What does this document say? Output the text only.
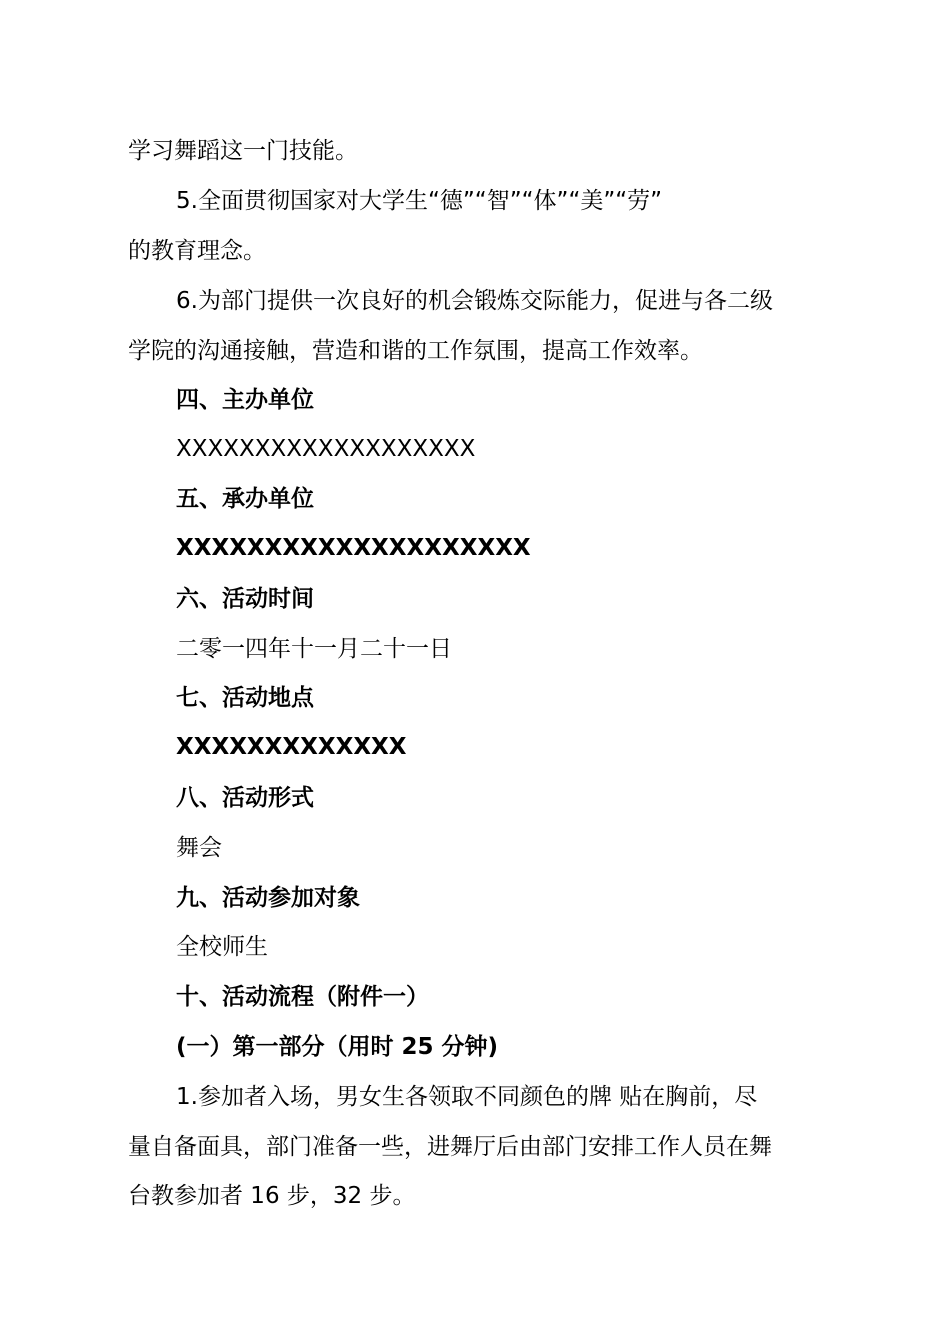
学习舞蹈这一门技能。
5.全面贯彻国家对大学生“德”“智”“体”“美”“劳”
的教育理念。
6.为部门提供一次良好的机会锻炼交际能力，促进与各二级
学院的沟通接触，营造和谐的工作氛围，提高工作效率。
四、主办单位
XXXXXXXXXXXXXXXXXXX
五、承办单位
XXXXXXXXXXXXXXXXXXXX
六、活动时间
二零一四年十一月二十一日
七、活动地点
XXXXXXXXXXXXX
八、活动形式
舞会
九、活动参加对象
全校师生
十、活动流程（附件一）
(一）第一部分（用时 25 分钟)
1.参加者入场，男女生各领取不同颜色的牌 贴在胸前，尽
量自备面具，部门准备一些，进舞厅后由部门安排工作人员在舞
台教参加者 16 步，32 步。
